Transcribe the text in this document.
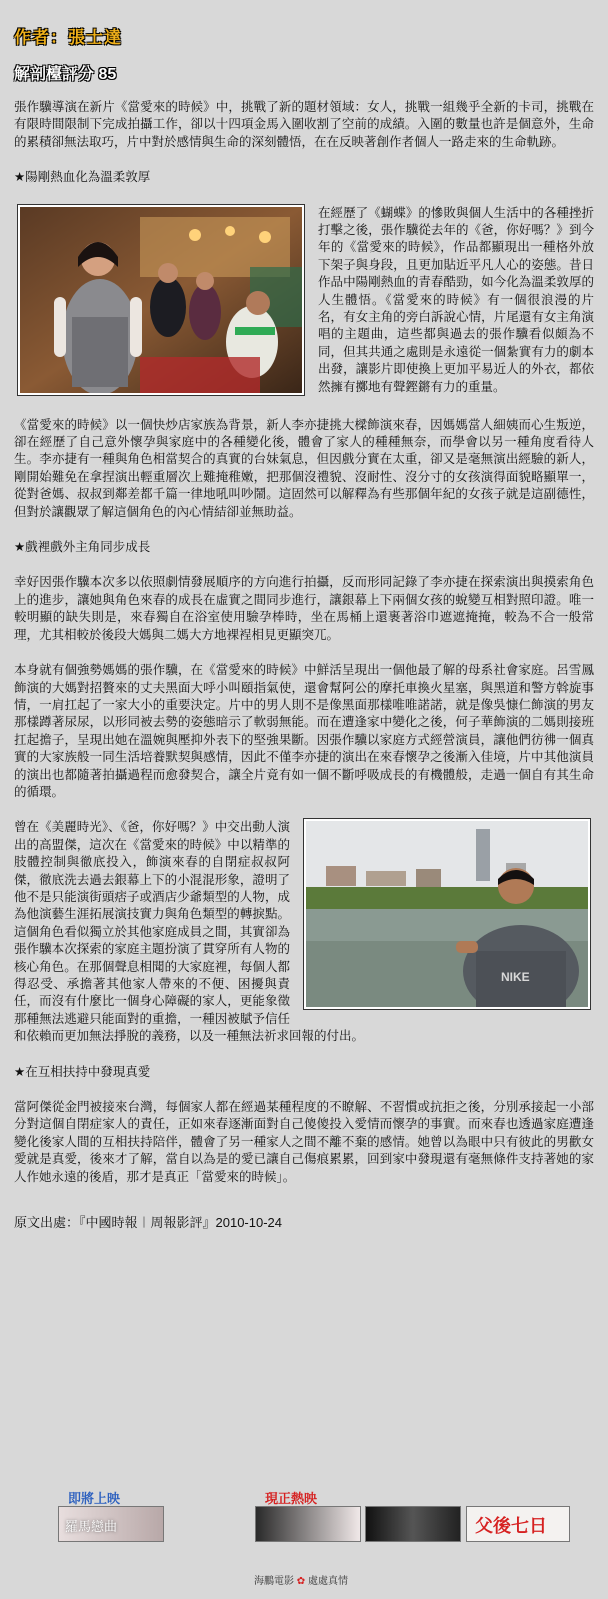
作者：張士達
解剖檯評分 85

張作驥導演在新片《當愛來的時候》中，挑戰了新的題材領域：女人，挑戰一組幾乎全新的卡司，挑戰在有限時間限制下完成拍攝工作，卻以十四項金馬入圍收割了空前的成績。入圍的數量也許是個意外，生命的累積卻無法取巧，片中對於感情與生命的深刻體悟，在在反映著創作者個人一路走來的生命軌跡。

★陽剛熱血化為溫柔敦厚

在經歷了《蝴蝶》的慘敗與個人生活中的各種挫折打擊之後，張作驥從去年的《爸，你好嗎？》到今年的《當愛來的時候》，作品都顯現出一種格外放下架子與身段，且更加貼近平凡人心的姿態。昔日作品中陽剛熱血的青春酷勁，如今化為溫柔敦厚的人生體悟。《當愛來的時候》有一個很浪漫的片名，有女主角的旁白訴說心情，片尾還有女主角演唱的主題曲，這些都與過去的張作驥看似頗為不同，但其共通之處則是永遠從一個紮實有力的劇本出發，讓影片即使換上更加平易近人的外衣，都依然擁有擲地有聲鏗鏘有力的重量。

《當愛來的時候》以一個快炒店家族為背景，新人李亦捷挑大樑飾演來春，因媽媽當人細姨而心生叛逆，卻在經歷了自己意外懷孕與家庭中的各種變化後，體會了家人的種種無奈，而學會以另一種角度看待人生。李亦捷有一種與角色相當契合的真實的台妹氣息，但因戲分實在太重，卻又是毫無演出經驗的新人，剛開始難免在拿捏演出輕重層次上難掩稚嫩，把那個沒禮貌、沒耐性、沒分寸的女孩演得面貌略顯單一，從對爸媽、叔叔到鄰差都千篇一律地吼叫吵鬧。這固然可以解釋為有些那個年紀的女孩子就是這副德性，但對於讓觀眾了解這個角色的內心情結卻並無助益。

★戲裡戲外主角同步成長

幸好因張作驥本次多以依照劇情發展順序的方向進行拍攝，反而形同記錄了李亦捷在探索演出與摸索角色上的進步，讓她與角色來春的成長在虛實之間同步進行，讓銀幕上下兩個女孩的蛻變互相對照印證。唯一較明顯的缺失則是，來春獨自在浴室使用驗孕棒時，坐在馬桶上還裹著浴巾遮遮掩掩，較為不合一般常理，尤其相較於後段大媽與二媽大方地裸裎相見更顯突兀。

本身就有個強勢媽媽的張作驥，在《當愛來的時候》中鮮活呈現出一個他最了解的母系社會家庭。呂雪鳳飾演的大媽對招贅來的丈夫黑面大呼小叫頤指氣使，還會幫阿公的摩托車換火星塞，與黑道和警方斡旋事情，一肩扛起了一家大小的重要決定。片中的男人則不是像黑面那樣唯唯諾諾，就是像吳慷仁飾演的男友那樣蹲著尿尿，以形同被去勢的姿態暗示了軟弱無能。而在遭逢家中變化之後，何子華飾演的二媽則接班扛起擔子，呈現出她在溫婉與壓抑外表下的堅強果斷。因張作驥以家庭方式經營演員，讓他們彷彿一個真實的大家族般一同生活培養默契與感情，因此不僅李亦捷的演出在來春懷孕之後漸入佳境，片中其他演員的演出也都隨著拍攝過程而愈發契合，讓全片竟有如一個不斷呼吸成長的有機體般，走過一個自有其生命的循環。

NIKE

曾在《美麗時光》、《爸，你好嗎？》中交出動人演出的高盟傑，這次在《當愛來的時候》中以精準的肢體控制與徹底投入，飾演來春的自閉症叔叔阿傑，徹底洗去過去銀幕上下的小混混形象，證明了他不是只能演街頭痞子或酒店少爺類型的人物，成為他演藝生涯拓展演技實力與角色類型的轉捩點。這個角色看似獨立於其他家庭成員之間，其實卻為張作驥本次探索的家庭主題扮演了貫穿所有人物的核心角色。在那個聲息相聞的大家庭裡，每個人都得忍受、承擔著其他家人帶來的不便、困擾與責任，而沒有什麼比一個身心障礙的家人，更能象徵那種無法逃避只能面對的重擔，一種因被賦予信任和依賴而更加無法掙脫的義務，以及一種無法祈求回報的付出。

★在互相扶持中發現真愛

當阿傑從金門被接來台灣，每個家人都在經過某種程度的不瞭解、不習慣或抗拒之後，分別承接起一小部分對這個自閉症家人的責任，正如來春逐漸面對自己傻傻投入愛情而懷孕的事實。而來春也透過家庭遭逢變化後家人間的互相扶持陪伴，體會了另一種家人之間不離不棄的感情。她曾以為眼中只有彼此的男歡女愛就是真愛，後來才了解，當自以為是的愛已讓自己傷痕累累，回到家中發現還有毫無條件支持著她的家人作她永遠的後盾，那才是真正「當愛來的時候」。

原文出處：『中國時報︱周報影評』2010-10-24

即將上映	現正熱映
羅馬戀曲	父後七日
海鵬電影 ✿ 處處真情
